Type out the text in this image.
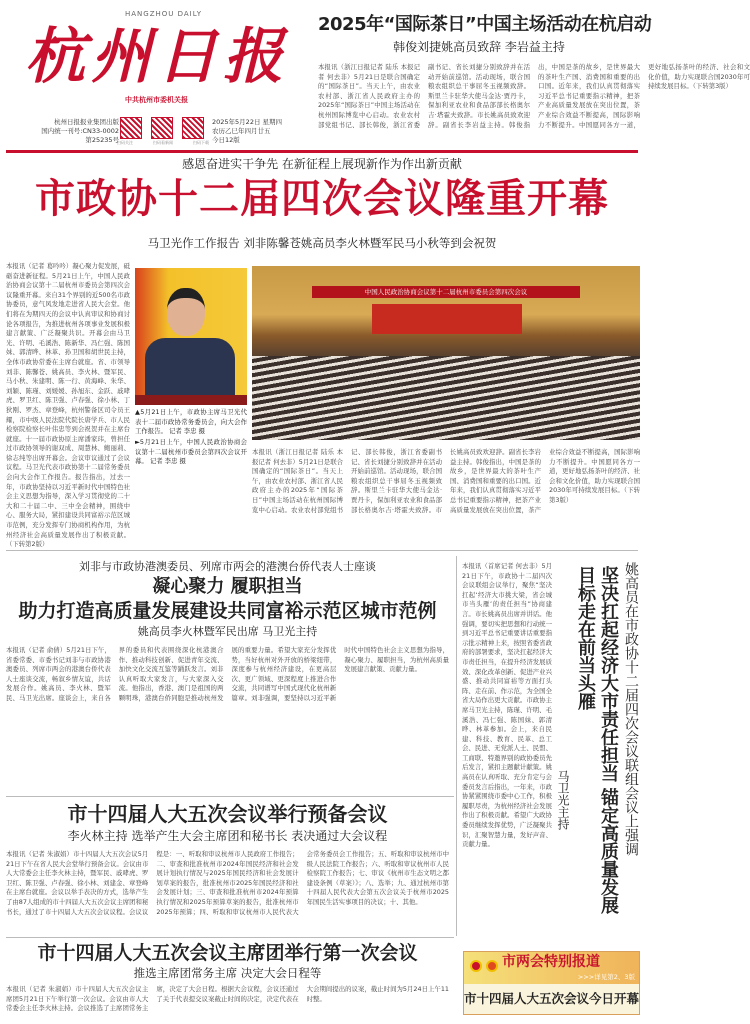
HANGZHOU DAILY
杭州日报
中共杭州市委机关报
杭州日报报业集团出版
国内统一刊号:CN33-0002
第25235号
扫码关注	扫码看新闻	扫码下载
2025年5月22日 星期四
农历乙巳年四月廿五
今日12版
2025年“国际茶日”中国主场活动在杭启动
韩俊刘捷姚高员致辞 李岩益主持
本报讯（浙江日报记者 陆乐 本报记者 何去非）5月21日是联合国确定的“国际茶日”。当天上午，由农业农村部、浙江省人民政府主办的2025年“国际茶日”中国主场活动在杭州国际博览中心启动。农业农村部党组书记、部长韩俊，浙江省委副书记、省长刘捷分别致辞并在活动开始前巡馆。活动现场，联合国粮农组织总干事屈冬玉视频致辞。斯里兰卡驻华大使马金达·贾丹卡，保加利亚农业和食品部部长格奥尔吉·塔霍夫致辞。市长姚高员致欢迎辞。副省长李岩益主持。韩俊指出，中国是茶的故乡，是世界最大的茶叶生产国、消费国和重要的出口国。近年来，我们认真贯彻落实习近平总书记重要指示精神，把茶产业高质量发展放在突出位置，茶产业综合效益不断提高，国际影响力不断提升。中国愿同各方一道，更好地弘扬茶叶的经济、社会和文化价值，助力实现联合国2030年可持续发展目标。（下转第3版）
感恩奋进实干争先 在新征程上展现新作为作出新贡献
市政协十二届四次会议隆重开幕
马卫光作工作报告 刘非陈馨苍姚高员李火林暨军民马小秋等到会祝贺
本报讯（记者 葛吟吟）凝心聚力促发展，砥砺奋进新征程。5月21日上午，中国人民政治协商会议第十二届杭州市委员会第四次会议隆重开幕。来自31个界别的近500名市政协委员，意气风发地走进省人民大会堂。他们将在为期四天的会议中认真审议和协商讨论各项报告，为推进杭州各项事业发展积极建言献策、广泛凝聚共识。开幕会由马卫光、许明、毛溪浩、陈新华、冯仁强、陈国妹、郭清晔、林革、孙卫国和胡世民主持，全体市政协常委在主席台就座。省、市领导刘非、陈馨苍、姚高员、李火林、暨军民、马小秋、朱建明、陈一行、黄海峰、朱华、刘颖、陈瑾、刘媛媛、孙旭东、金跃、戚哮虎、罗卫红、陈卫强、卢春强、徐小林、丁狄刚、罗杰、章登峰，杭州警备区司令员王耀，市中级人民法院代院长唐学兵、市人民检察院检察长叶伟忠等到会祝贺并在主席台就座。十一届市政协原主席潘家玮，曾担任过市政协领导的谢双成、周慧林、鲍丽莉、徐志纯等出席开幕会。会议审议通过了会议议程。马卫光代表市政协第十二届常务委员会向大会作工作报告。报告指出，过去一年，市政协坚持以习近平新时代中国特色社会主义思想为指导，深入学习贯彻党的二十大和二十届二中、三中全会精神，围绕中心、服务大局，紧扣建设共同富裕示范区城市范例，充分发挥专门协商机构作用，为杭州经济社会高质量发展作出了积极贡献。（下转第2版）
▲5月21日上午，市政协主席马卫光代表十二届市政协常务委员会，向大会作工作报告。 记者 李忠 摄
►5月21日上午，中国人民政治协商会议第十二届杭州市委员会第四次会议开幕。 记者 李忠 摄
中国人民政治协商会议第十二届杭州市委员会第四次会议
本报讯（浙江日报记者 陆乐 本报记者 何去非）5月21日是联合国确定的“国际茶日”。当天上午，由农业农村部、浙江省人民政府主办的2025年“国际茶日”中国主场活动在杭州国际博览中心启动。农业农村部党组书记、部长韩俊，浙江省委副书记、省长刘捷分别致辞并在活动开始前巡馆。活动现场，联合国粮农组织总干事屈冬玉视频致辞。斯里兰卡驻华大使马金达·贾丹卡，保加利亚农业和食品部部长格奥尔吉·塔霍夫致辞。市长姚高员致欢迎辞。副省长李岩益主持。韩俊指出，中国是茶的故乡，是世界最大的茶叶生产国、消费国和重要的出口国。近年来，我们认真贯彻落实习近平总书记重要指示精神，把茶产业高质量发展放在突出位置，茶产业综合效益不断提高，国际影响力不断提升。中国愿同各方一道，更好地弘扬茶叶的经济、社会和文化价值，助力实现联合国2030年可持续发展目标。（下转第3版）
刘非与市政协港澳委员、列席市两会的港澳台侨代表人士座谈
凝心聚力 履职担当
助力打造高质量发展建设共同富裕示范区城市范例
姚高员李火林暨军民出席 马卫光主持
本报讯（记者 俞倩）5月21日下午，省委常委、市委书记刘非与市政协港澳委员、列席市两会的港澳台侨代表人士座谈交流，畅叙乡情友谊，共话发展合作。姚高员、李火林、暨军民、马卫光出席。座谈会上，来自各界的委员和代表围绕深化杭港澳合作、推动科技创新、促进青年交流、加快文化交流互鉴等踊跃发言。刘非认真听取大家发言，与大家深入交流。他指出，香港、澳门是祖国的两颗明珠，港澳台侨同胞是推动杭州发展的重要力量。希望大家充分发挥优势，当好杭州对外开放的桥梁纽带，深度参与杭州经济建设，在更高层次、更广领域、更深程度上推进合作交流，共同谱写中国式现代化杭州新篇章。刘非强调，要坚持以习近平新时代中国特色社会主义思想为指导，凝心聚力、履职担当，为杭州高质量发展建言献策、贡献力量。
本报讯（首席记者 何去非）5月21日下午，市政协十二届四次会议联组会议举行，聚焦“坚决扛起‘经济大市挑大梁，省会城市当头雁’的责任担当”协商建言。市长姚高员出席并讲话。他强调，要切实把思想和行动统一到习近平总书记重要讲话重要指示批示精神上来，按照省委省政府的部署要求，坚决扛起经济大市责任担当，在提升经济发展质效、深化改革创新、促进产业兴盛、推动共同富裕等方面打头阵、走在前、作示范，为全国全省大局作出更大贡献。市政协主席马卫光主持，陈瑾、许明、毛溪浩、冯仁强、陈国妹、郭清晔、林革参加。会上，来自民建、科技、教育、民革、总工会、民进、无党派人士、民盟、工商联、特邀界别的政协委员先后发言，紧扣主题献计献策。姚高员在认真听取、充分肯定与会委员发言后指出，一年来，市政协紧紧围绕市委中心工作，积极履职尽责，为杭州经济社会发展作出了积极贡献。希望广大政协委员继续发挥优势，广泛凝聚共识，汇聚智慧力量，发好声音、贡献力量。
马卫光主持	坚决扛起经济大市责任担当 锚定高质量发展目标走在前当头雁	姚高员在市政协十二届四次会议联组会议上强调
市十四届人大五次会议举行预备会议
李火林主持 选举产生大会主席团和秘书长 表决通过大会议程
本报讯（记者 朱淑娟）市十四届人大五次会议5月21日下午在省人民大会堂举行预备会议。会议由市人大常委会主任李火林主持，暨军民、戚哮虎、罗卫红、陈卫强、卢春强、徐小林、刘建金、章登峰在主席台就座。会议以举手表决的方式，选举产生了由87人组成的市十四届人大五次会议主席团和秘书长，通过了市十四届人大五次会议议程。会议议程是：一、听取和审议杭州市人民政府工作报告；二、审查和批准杭州市2024年国民经济和社会发展计划执行情况与2025年国民经济和社会发展计划草案的报告，批准杭州市2025年国民经济和社会发展计划；三、审查和批准杭州市2024年预算执行情况和2025年预算草案的报告，批准杭州市2025年预算；四、听取和审议杭州市人民代表大会常务委员会工作报告；五、听取和审议杭州市中级人民法院工作报告；六、听取和审议杭州市人民检察院工作报告；七、审议《杭州市生态文明之都建设条例（草案）》；八、选举；九、通过杭州市第十四届人民代表大会第五次会议关于杭州市2025年国民生活实事项目的决议；十、其他。
市十四届人大五次会议主席团举行第一次会议
推选主席团常务主席 决定大会日程等
本报讯（记者 朱淑娟）市十四届人大五次会议主席团5月21日下午举行第一次会议。会议由市人大常委会主任李火林主持。会议推选了主席团常务主席，决定了大会日程。根据大会议程，会议还通过了关于代表提交议案截止时间的决定，决定代表在大会期间提出的议案，截止时间为5月24日上午11时整。
市两会特别报道
>>>详见第2、3版
市十四届人大五次会议今日开幕
